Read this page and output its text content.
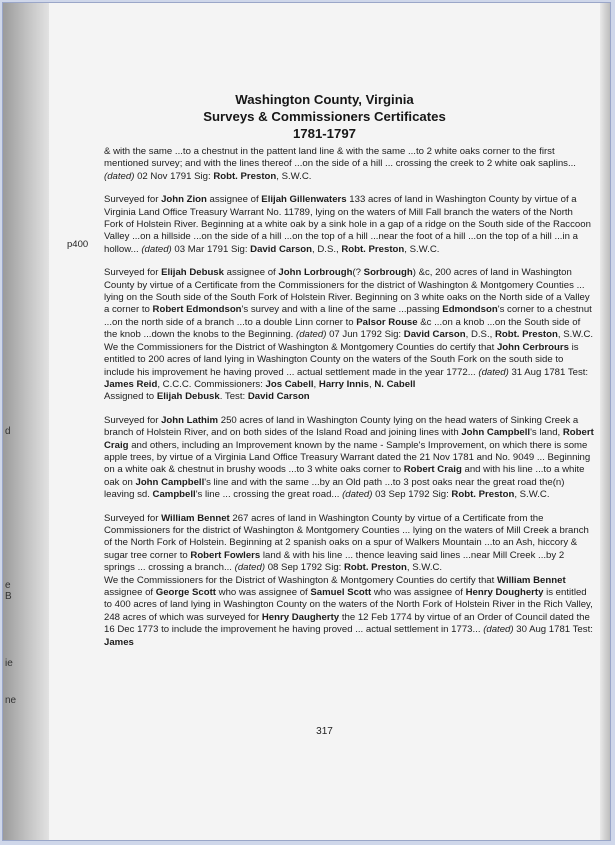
d
e
B
ie
ne
Washington County, Virginia
Surveys & Commissioners Certificates
1781-1797
p400

& with the same ...to a chestnut in the pattent land line & with the same ...to 2 white oaks corner to the first mentioned survey; and with the lines thereof ...on the side of a hill ... crossing the creek to 2 white oak saplins... (dated) 02 Nov 1791 Sig: Robt. Preston, S.W.C.

Surveyed for John Zion assignee of Elijah Gillenwaters 133 acres of land in Washington County by virtue of a Virginia Land Office Treasury Warrant No. 11789, lying on the waters of Mill Fall branch the waters of the North Fork of Holstein River. Beginning at a white oak by a sink hole in a gap of a ridge on the South side of the Raccoon Valley ...on a hillside ...on the side of a hill ...on the top of a hill ...near the foot of a hill ...on the top of a hill ...in a hollow... (dated) 03 Mar 1791 Sig: David Carson, D.S., Robt. Preston, S.W.C.

Surveyed for Elijah Debusk assignee of John Lorbrough(? Sorbrough) &c, 200 acres of land in Washington County by virtue of a Certificate from the Commissioners for the district of Washington & Montgomery Counties ... lying on the South side of the South Fork of Holstein River. Beginning on 3 white oaks on the North side of a Valley a corner to Robert Edmondson's survey and with a line of the same ...passing Edmondson's corner to a chestnut ...on the north side of a branch ...to a double Linn corner to Palsor Rouse &c ...on a knob ...on the South side of the knob ...down the knobs to the Beginning. (dated) 07 Jun 1792 Sig: David Carson, D.S., Robt. Preston, S.W.C.

We the Commissioners for the District of Washington & Montgomery Counties do certify that John Cerbrours is entitled to 200 acres of land lying in Washington County on the waters of the South Fork on the south side to include his improvement he having proved ... actual settlement made in the year 1772... (dated) 31 Aug 1781 Test: James Reid, C.C.C. Commissioners: Jos Cabell, Harry Innis, N. Cabell

Assigned to Elijah Debusk. Test: David Carson

Surveyed for John Lathim 250 acres of land in Washington County lying on the head waters of Sinking Creek a branch of Holstein River, and on both sides of the Island Road and joining lines with John Campbell's land, Robert Craig and others, including an Improvement known by the name - Sample's Improvement, on which there is some apple trees, by virtue of a Virginia Land Office Treasury Warrant dated the 21 Nov 1781 and No. 9049 ... Beginning on a white oak & chestnut in brushy woods ...to 3 white oaks corner to Robert Craig and with his line ...to a white oak on John Campbell's line and with the same ...by an Old path ...to 3 post oaks near the great road the(n) leaving sd. Campbell's line ... crossing the great road... (dated) 03 Sep 1792 Sig: Robt. Preston, S.W.C.

Surveyed for William Bennet 267 acres of land in Washington County by virtue of a Certificate from the Commissioners for the district of Washington & Montgomery Counties ... lying on the waters of Mill Creek a branch of the North Fork of Holstein. Beginning at 2 spanish oaks on a spur of Walkers Mountain ...to an Ash, hiccory & sugar tree corner to Robert Fowlers land & with his line ... thence leaving said lines ...near Mill Creek ...by 2 springs ... crossing a branch... (dated) 08 Sep 1792 Sig: Robt. Preston, S.W.C.

We the Commissioners for the District of Washington & Montgomery Counties do certify that William Bennet assignee of George Scott who was assignee of Samuel Scott who was assignee of Henry Dougherty is entitled to 400 acres of land lying in Washington County on the waters of the North Fork of Holstein River in the Rich Valley, 248 acres of which was surveyed for Henry Daugherty the 12 Feb 1774 by virtue of an Order of Council dated the 16 Dec 1773 to include the improvement he having proved ... actual settlement in 1773... (dated) 30 Aug 1781 Test: James

317
